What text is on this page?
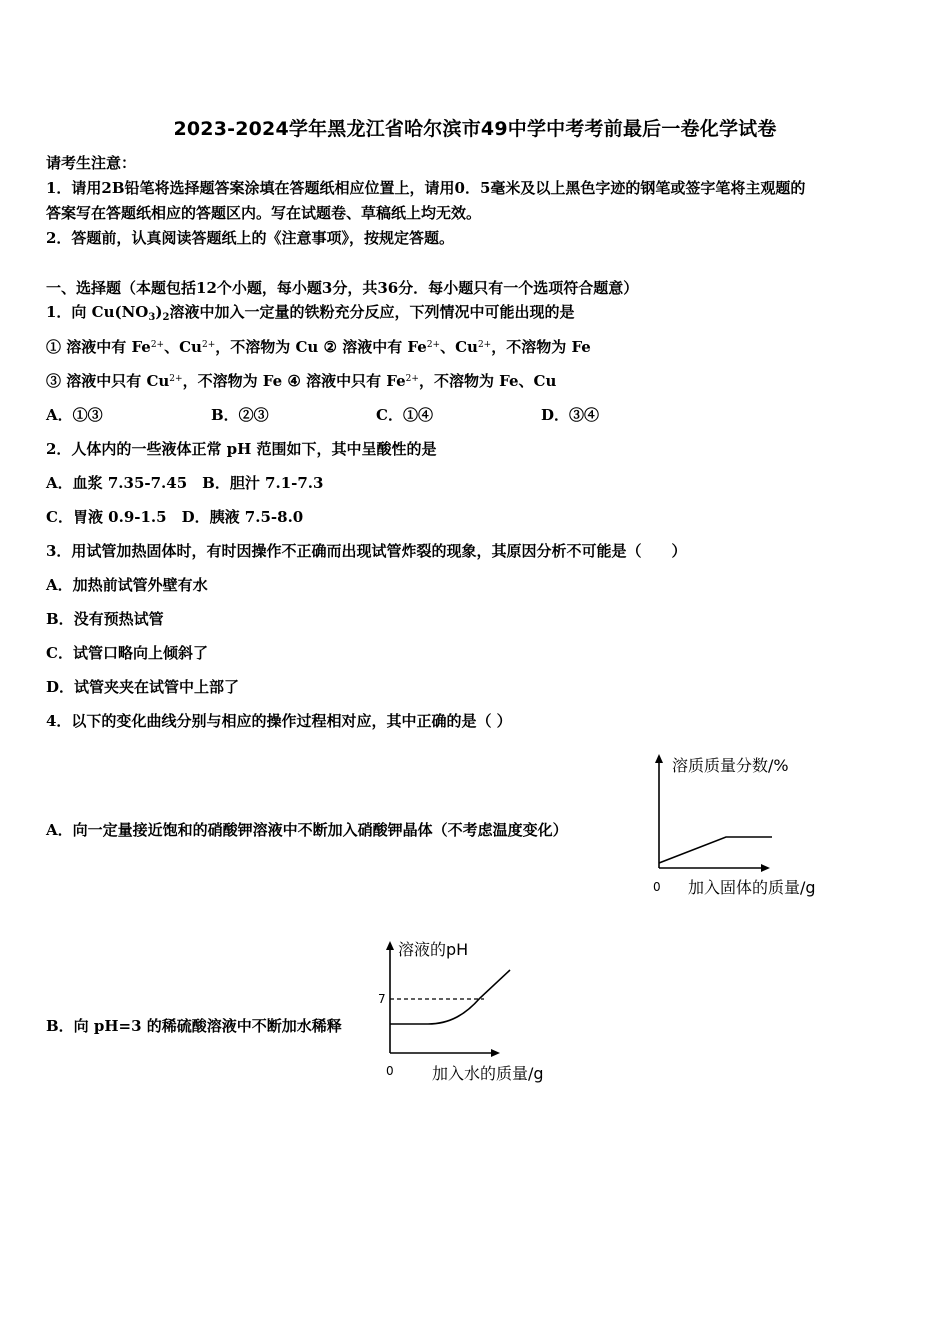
2023-2024学年黑龙江省哈尔滨市49中学中考考前最后一卷化学试卷
请考生注意：
1．请用2B铅笔将选择题答案涂填在答题纸相应位置上，请用0．5毫米及以上黑色字迹的钢笔或签字笔将主观题的
答案写在答题纸相应的答题区内。写在试题卷、草稿纸上均无效。
2．答题前，认真阅读答题纸上的《注意事项》，按规定答题。
一、选择题（本题包括12个小题，每小题3分，共36分．每小题只有一个选项符合题意）
1．向 $Cu(NO_3)_2$溶液中加入一定量的铁粉充分反应，下列情况中可能出现的是
① 溶液中有 $Fe^{2+}$、$Cu^{2+}$，不溶物为 Cu ② 溶液中有 $Fe^{2+}$、$Cu^{2+}$，不溶物为 Fe
③ 溶液中只有 $Cu^{2+}$，不溶物为 Fe ④ 溶液中只有 $Fe^{2+}$，不溶物为 Fe、Cu
A．①③	B．②③	C．①④	D．③④
2．人体内的一些液体正常 pH 范围如下，其中呈酸性的是
A．血浆 7.35-7.45　B．胆汁 7.1-7.3
C．胃液 0.9-1.5　D．胰液 7.5-8.0
3．用试管加热固体时，有时因操作不正确而出现试管炸裂的现象，其原因分析不可能是（　　）
A．加热前试管外壁有水
B．没有预热试管
C．试管口略向上倾斜了
D．试管夹夹在试管中上部了
4．以下的变化曲线分别与相应的操作过程相对应，其中正确的是（ ）
A．向一定量接近饱和的硝酸钾溶液中不断加入硝酸钾晶体（不考虑温度变化）
B．向 pH=3 的稀硫酸溶液中不断加水稀释
溶质质量分数/%
0 加入固体的质量/g
7
溶液的pH
0 加入水的质量/g
